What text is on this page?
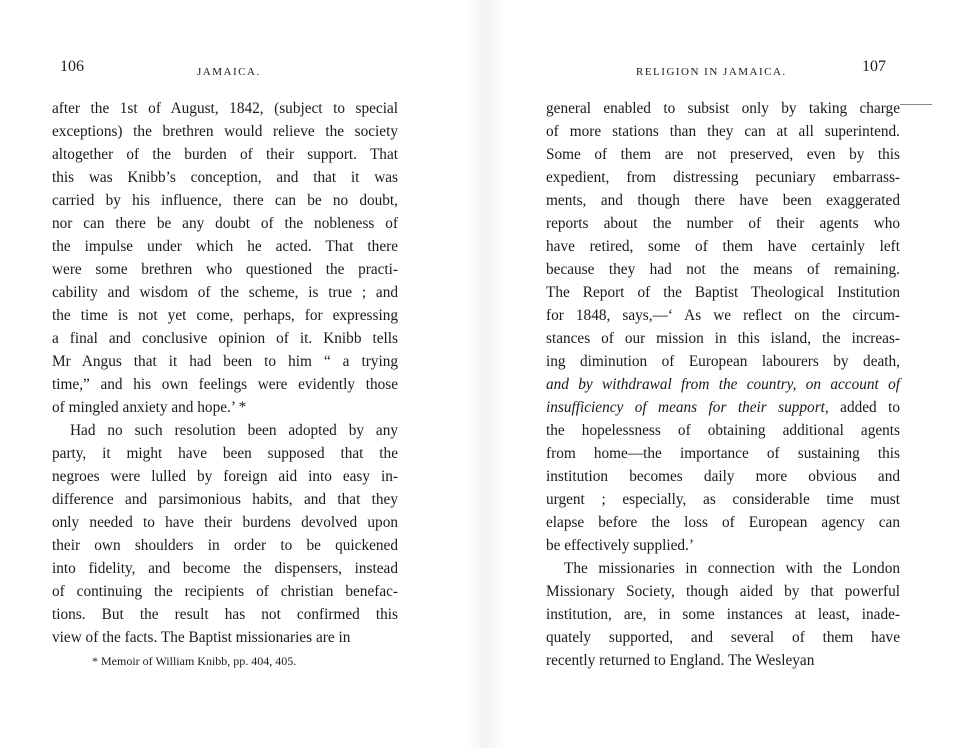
106	JAMAICA.
after the 1st of August, 1842, (subject to special
exceptions) the brethren would relieve the society
altogether of the burden of their support. That
this was Knibb’s conception, and that it was
carried by his influence, there can be no doubt,
nor can there be any doubt of the nobleness of
the impulse under which he acted. That there
were some brethren who questioned the practi-
cability and wisdom of the scheme, is true ; and
the time is not yet come, perhaps, for expressing
a final and conclusive opinion of it. Knibb tells
Mr Angus that it had been to him “ a trying
time,” and his own feelings were evidently those
of mingled anxiety and hope.’ *
Had no such resolution been adopted by any
party, it might have been supposed that the
negroes were lulled by foreign aid into easy in-
difference and parsimonious habits, and that they
only needed to have their burdens devolved upon
their own shoulders in order to be quickened
into fidelity, and become the dispensers, instead
of continuing the recipients of christian benefac-
tions. But the result has not confirmed this
view of the facts. The Baptist missionaries are in
* Memoir of William Knibb, pp. 404, 405.
RELIGION IN JAMAICA.	107
general enabled to subsist only by taking charge
of more stations than they can at all superintend.
Some of them are not preserved, even by this
expedient, from distressing pecuniary embarrass-
ments, and though there have been exaggerated
reports about the number of their agents who
have retired, some of them have certainly left
because they had not the means of remaining.
The Report of the Baptist Theological Institution
for 1848, says,—‘ As we reflect on the circum-
stances of our mission in this island, the increas-
ing diminution of European labourers by death,
and by withdrawal from the country, on account of
insufficiency of means for their support, added to
the hopelessness of obtaining additional agents
from home—the importance of sustaining this
institution becomes daily more obvious and
urgent ; especially, as considerable time must
elapse before the loss of European agency can
be effectively supplied.’
The missionaries in connection with the London
Missionary Society, though aided by that powerful
institution, are, in some instances at least, inade-
quately supported, and several of them have
recently returned to England. The Wesleyan
